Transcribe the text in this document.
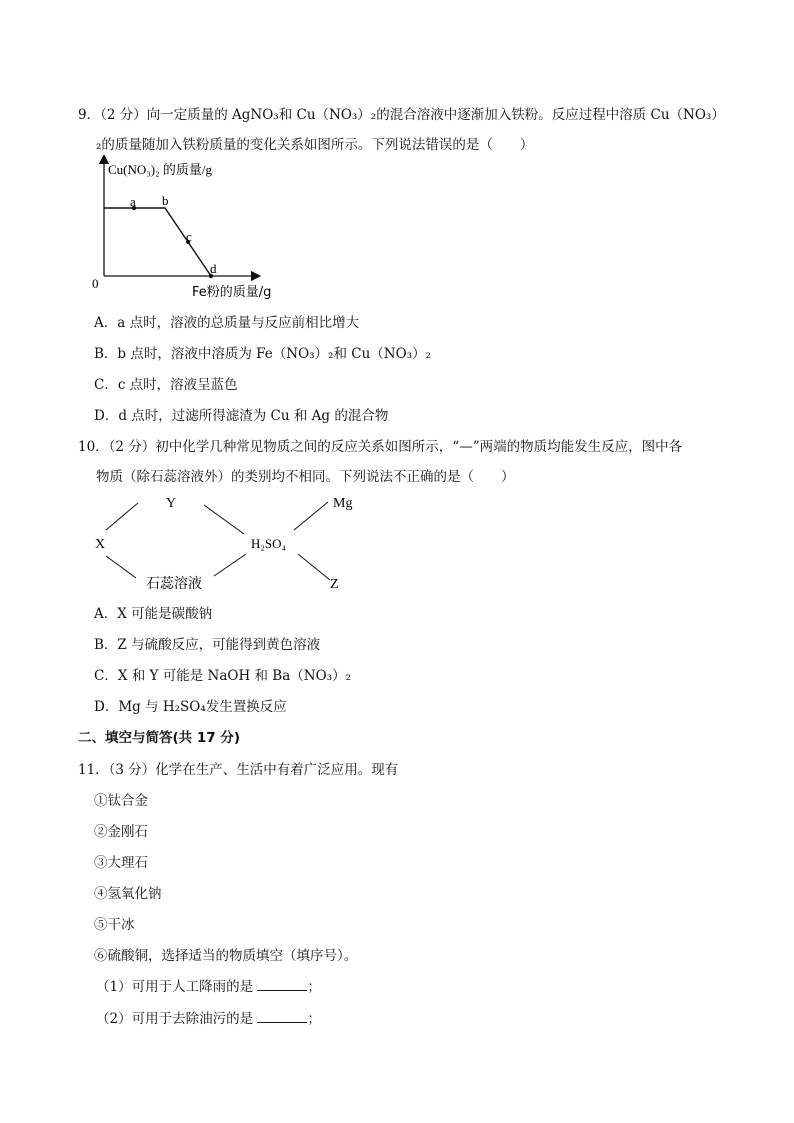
9．（2 分）向一定质量的 AgNO₃和 Cu（NO₃）₂的混合溶液中逐渐加入铁粉。反应过程中溶质 Cu（NO₃）
₂的质量随加入铁粉质量的变化关系如图所示。下列说法错误的是（　　）
Cu(NO₃)₂ 的质量/g
Fe粉的质量/g
0
a b
c
d
A．a 点时，溶液的总质量与反应前相比增大
B．b 点时，溶液中溶质为 Fe（NO₃）₂和 Cu（NO₃）₂
C．c 点时，溶液呈蓝色
D．d 点时，过滤所得滤渣为 Cu 和 Ag 的混合物
10．（2 分）初中化学几种常见物质之间的反应关系如图所示，“—”两端的物质均能发生反应，图中各
物质（除石蕊溶液外）的类别均不相同。下列说法不正确的是（　　）
Y	Mg
X	H₂SO₄
石蕊溶液	Z
A．X 可能是碳酸钠
B．Z 与硫酸反应，可能得到黄色溶液
C．X 和 Y 可能是 NaOH 和 Ba（NO₃）₂
D．Mg 与 H₂SO₄发生置换反应
二、填空与简答(共 17 分)
11．（3 分）化学在生产、生活中有着广泛应用。现有
①钛合金
②金刚石
③大理石
④氢氧化钠
⑤干冰
⑥硫酸铜，选择适当的物质填空（填序号）。
（1）可用于人工降雨的是	；
（2）可用于去除油污的是	；
